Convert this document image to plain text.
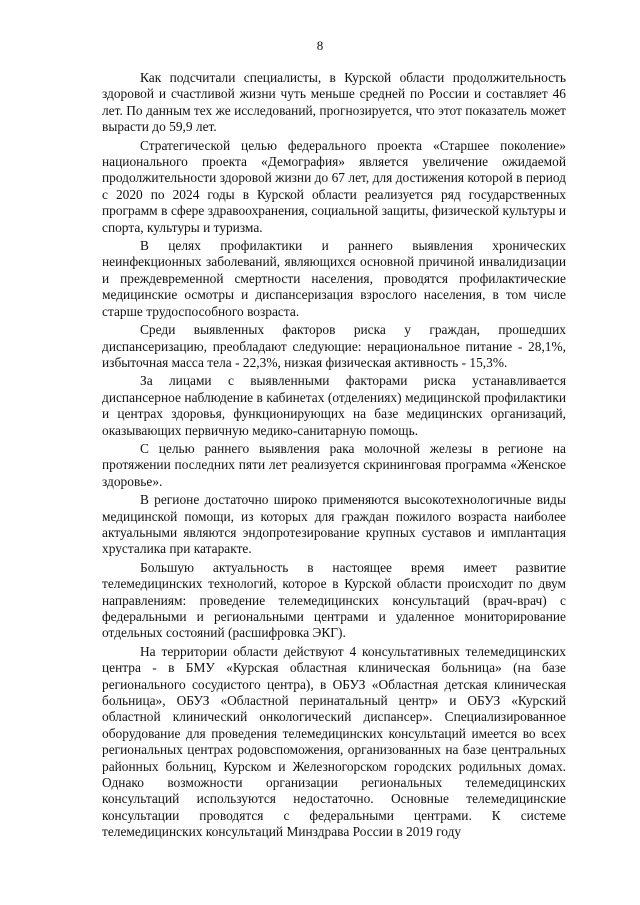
8

Как подсчитали специалисты, в Курской области продолжительность здоровой и счастливой жизни чуть меньше средней по России и составляет 46 лет. По данным тех же исследований, прогнозируется, что этот показатель может вырасти до 59,9 лет.

Стратегической целью федерального проекта «Старшее поколение» национального проекта «Демография» является увеличение ожидаемой продолжительности здоровой жизни до 67 лет, для достижения которой в период с 2020 по 2024 годы в Курской области реализуется ряд государственных программ в сфере здравоохранения, социальной защиты, физической культуры и спорта, культуры и туризма.

В целях профилактики и раннего выявления хронических неинфекционных заболеваний, являющихся основной причиной инвалидизации и преждевременной смертности населения, проводятся профилактические медицинские осмотры и диспансеризация взрослого населения, в том числе старше трудоспособного возраста.

Среди выявленных факторов риска у граждан, прошедших диспансеризацию, преобладают следующие: нерациональное питание - 28,1%, избыточная масса тела - 22,3%, низкая физическая активность - 15,3%.

За лицами с выявленными факторами риска устанавливается диспансерное наблюдение в кабинетах (отделениях) медицинской профилактики и центрах здоровья, функционирующих на базе медицинских организаций, оказывающих первичную медико-санитарную помощь.

С целью раннего выявления рака молочной железы в регионе на протяжении последних пяти лет реализуется скрининговая программа «Женское здоровье».

В регионе достаточно широко применяются высокотехнологичные виды медицинской помощи, из которых для граждан пожилого возраста наиболее актуальными являются эндопротезирование крупных суставов и имплантация хрусталика при катаракте.

Большую актуальность в настоящее время имеет развитие телемедицинских технологий, которое в Курской области происходит по двум направлениям: проведение телемедицинских консультаций (врач-врач) с федеральными и региональными центрами и удаленное мониторирование отдельных состояний (расшифровка ЭКГ).

На территории области действуют 4 консультативных телемедицинских центра - в БМУ «Курская областная клиническая больница» (на базе регионального сосудистого центра), в ОБУЗ «Областная детская клиническая больница», ОБУЗ «Областной перинатальный центр» и ОБУЗ «Курский областной клинический онкологический диспансер». Специализированное оборудование для проведения телемедицинских консультаций имеется во всех региональных центрах родовспоможения, организованных на базе центральных районных больниц, Курском и Железногорском городских родильных домах. Однако возможности организации региональных телемедицинских консультаций используются недостаточно. Основные телемедицинские консультации проводятся с федеральными центрами. К системе телемедицинских консультаций Минздрава России в 2019 году
